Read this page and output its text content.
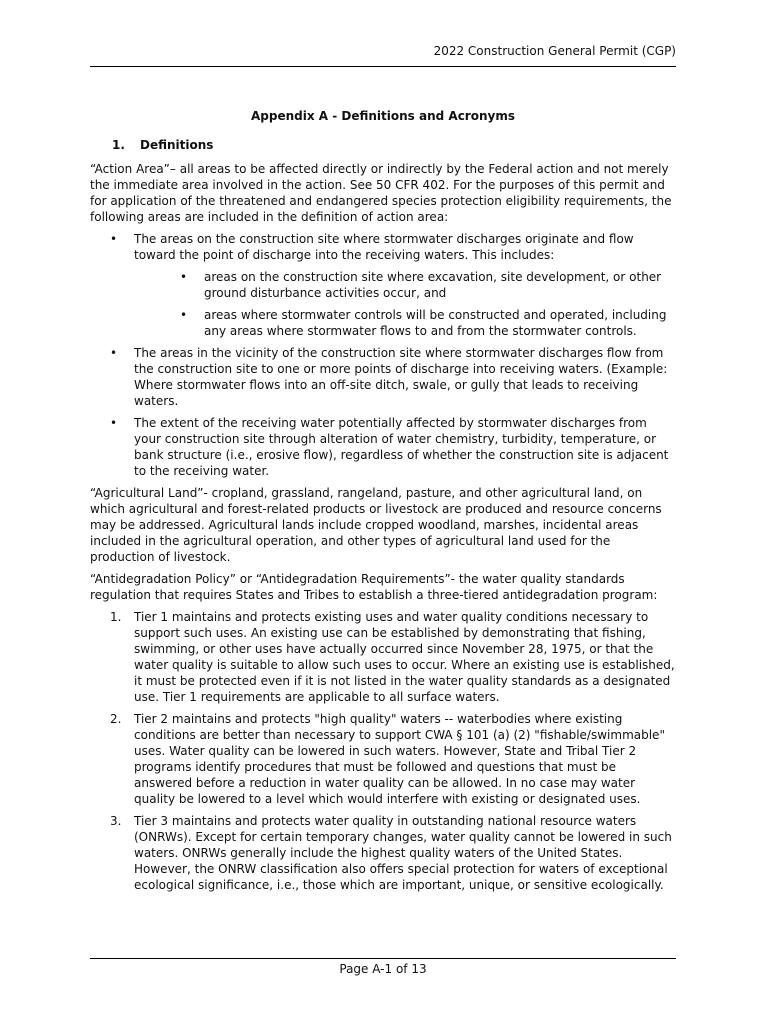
2022 Construction General Permit (CGP)
Appendix A - Definitions and Acronyms
1. Definitions

“Action Area”– all areas to be affected directly or indirectly by the Federal action and not merely the immediate area involved in the action. See 50 CFR 402. For the purposes of this permit and for application of the threatened and endangered species protection eligibility requirements, the following areas are included in the definition of action area:

• The areas on the construction site where stormwater discharges originate and flow toward the point of discharge into the receiving waters. This includes:
• areas on the construction site where excavation, site development, or other ground disturbance activities occur, and
• areas where stormwater controls will be constructed and operated, including any areas where stormwater flows to and from the stormwater controls.
• The areas in the vicinity of the construction site where stormwater discharges flow from the construction site to one or more points of discharge into receiving waters. (Example: Where stormwater flows into an off-site ditch, swale, or gully that leads to receiving waters.
• The extent of the receiving water potentially affected by stormwater discharges from your construction site through alteration of water chemistry, turbidity, temperature, or bank structure (i.e., erosive flow), regardless of whether the construction site is adjacent to the receiving water.

“Agricultural Land”- cropland, grassland, rangeland, pasture, and other agricultural land, on which agricultural and forest-related products or livestock are produced and resource concerns may be addressed. Agricultural lands include cropped woodland, marshes, incidental areas included in the agricultural operation, and other types of agricultural land used for the production of livestock.

“Antidegradation Policy” or “Antidegradation Requirements”- the water quality standards regulation that requires States and Tribes to establish a three-tiered antidegradation program:

1. Tier 1 maintains and protects existing uses and water quality conditions necessary to support such uses. An existing use can be established by demonstrating that fishing, swimming, or other uses have actually occurred since November 28, 1975, or that the water quality is suitable to allow such uses to occur. Where an existing use is established, it must be protected even if it is not listed in the water quality standards as a designated use. Tier 1 requirements are applicable to all surface waters.
2. Tier 2 maintains and protects "high quality" waters -- waterbodies where existing conditions are better than necessary to support CWA § 101 (a) (2) "fishable/swimmable" uses. Water quality can be lowered in such waters. However, State and Tribal Tier 2 programs identify procedures that must be followed and questions that must be answered before a reduction in water quality can be allowed. In no case may water quality be lowered to a level which would interfere with existing or designated uses.
3. Tier 3 maintains and protects water quality in outstanding national resource waters (ONRWs). Except for certain temporary changes, water quality cannot be lowered in such waters. ONRWs generally include the highest quality waters of the United States. However, the ONRW classification also offers special protection for waters of exceptional ecological significance, i.e., those which are important, unique, or sensitive ecologically.
Page A-1 of 13
